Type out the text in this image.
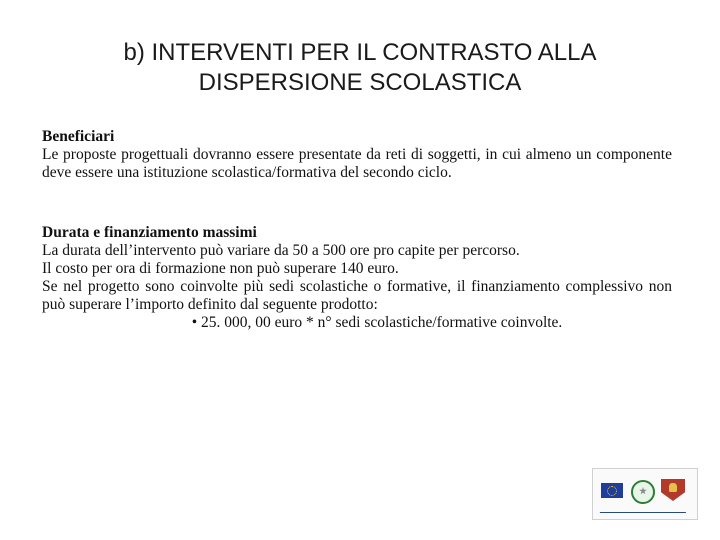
b) INTERVENTI PER IL CONTRASTO ALLA
DISPERSIONE SCOLASTICA

Beneficiari

Le proposte progettuali dovranno essere presentate da reti di soggetti, in cui almeno un componente deve essere una istituzione scolastica/formativa del secondo ciclo.

Durata e finanziamento massimi

La durata dell’intervento può variare da 50 a 500 ore pro capite per percorso.

Il costo per ora di formazione non può superare 140 euro.

Se nel progetto sono coinvolte più sedi scolastiche o formative, il finanziamento complessivo non può superare l’importo definito dal seguente prodotto:

• 25. 000, 00 euro * n° sedi scolastiche/formative coinvolte.
